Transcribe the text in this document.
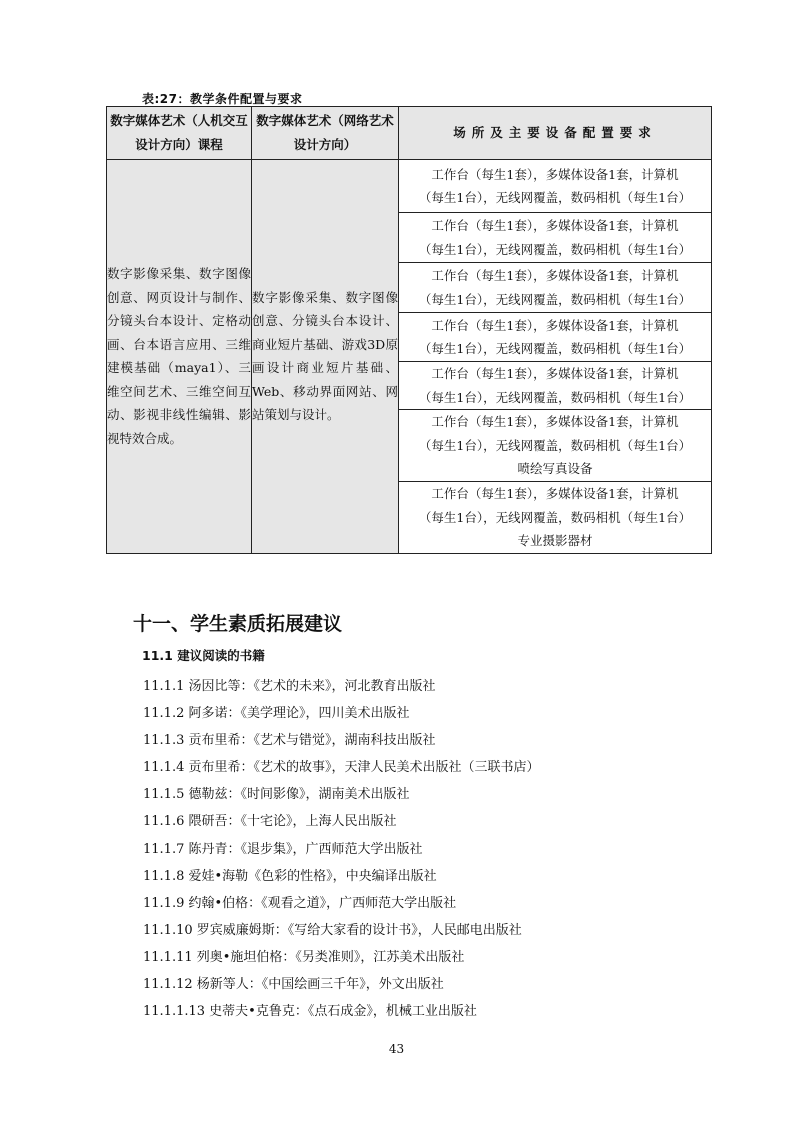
表:27：教学条件配置与要求
数字媒体艺术（人机交互设计方向）课程	数字媒体艺术（网络艺术设计方向）	场所及主要设备配置要求
数字影像采集、数字图像创意、网页设计与制作、分镜头台本设计、定格动画、台本语言应用、三维建模基础（maya1）、三维空间艺术、三维空间互动、影视非线性编辑、影视特效合成。	数字影像采集、数字图像创意、分镜头台本设计、商业短片基础、游戏3D原画设计商业短片基础、Web、移动界面网站、网站策划与设计。	工作台（每生1套），多媒体设备1套，计算机
（每生1台），无线网覆盖，数码相机（每生1台）

		工作台（每生1套），多媒体设备1套，计算机
（每生1台），无线网覆盖，数码相机（每生1台）

		工作台（每生1套），多媒体设备1套，计算机
（每生1台），无线网覆盖，数码相机（每生1台）

		工作台（每生1套），多媒体设备1套，计算机
（每生1台），无线网覆盖，数码相机（每生1台）

		工作台（每生1套），多媒体设备1套，计算机
（每生1台），无线网覆盖，数码相机（每生1台）

		工作台（每生1套），多媒体设备1套，计算机
（每生1台），无线网覆盖，数码相机（每生1台）
喷绘写真设备

		工作台（每生1套），多媒体设备1套，计算机
（每生1台），无线网覆盖，数码相机（每生1台）
专业摄影器材
十一、学生素质拓展建议
11.1 建议阅读的书籍
11.1.1 汤因比等：《艺术的未来》，河北教育出版社
11.1.2 阿多诺：《美学理论》，四川美术出版社
11.1.3 贡布里希：《艺术与错觉》，湖南科技出版社
11.1.4 贡布里希：《艺术的故事》，天津人民美术出版社（三联书店）
11.1.5 德勒兹：《时间影像》，湖南美术出版社
11.1.6 隈研吾：《十宅论》，上海人民出版社
11.1.7 陈丹青：《退步集》，广西师范大学出版社
11.1.8 爱娃•海勒《色彩的性格》，中央编译出版社
11.1.9 约翰•伯格：《观看之道》，广西师范大学出版社
11.1.10 罗宾威廉姆斯：《写给大家看的设计书》，人民邮电出版社
11.1.11 列奥•施坦伯格：《另类准则》，江苏美术出版社
11.1.12 杨新等人：《中国绘画三千年》，外文出版社
11.1.1.13 史蒂夫•克鲁克：《点石成金》，机械工业出版社
43
